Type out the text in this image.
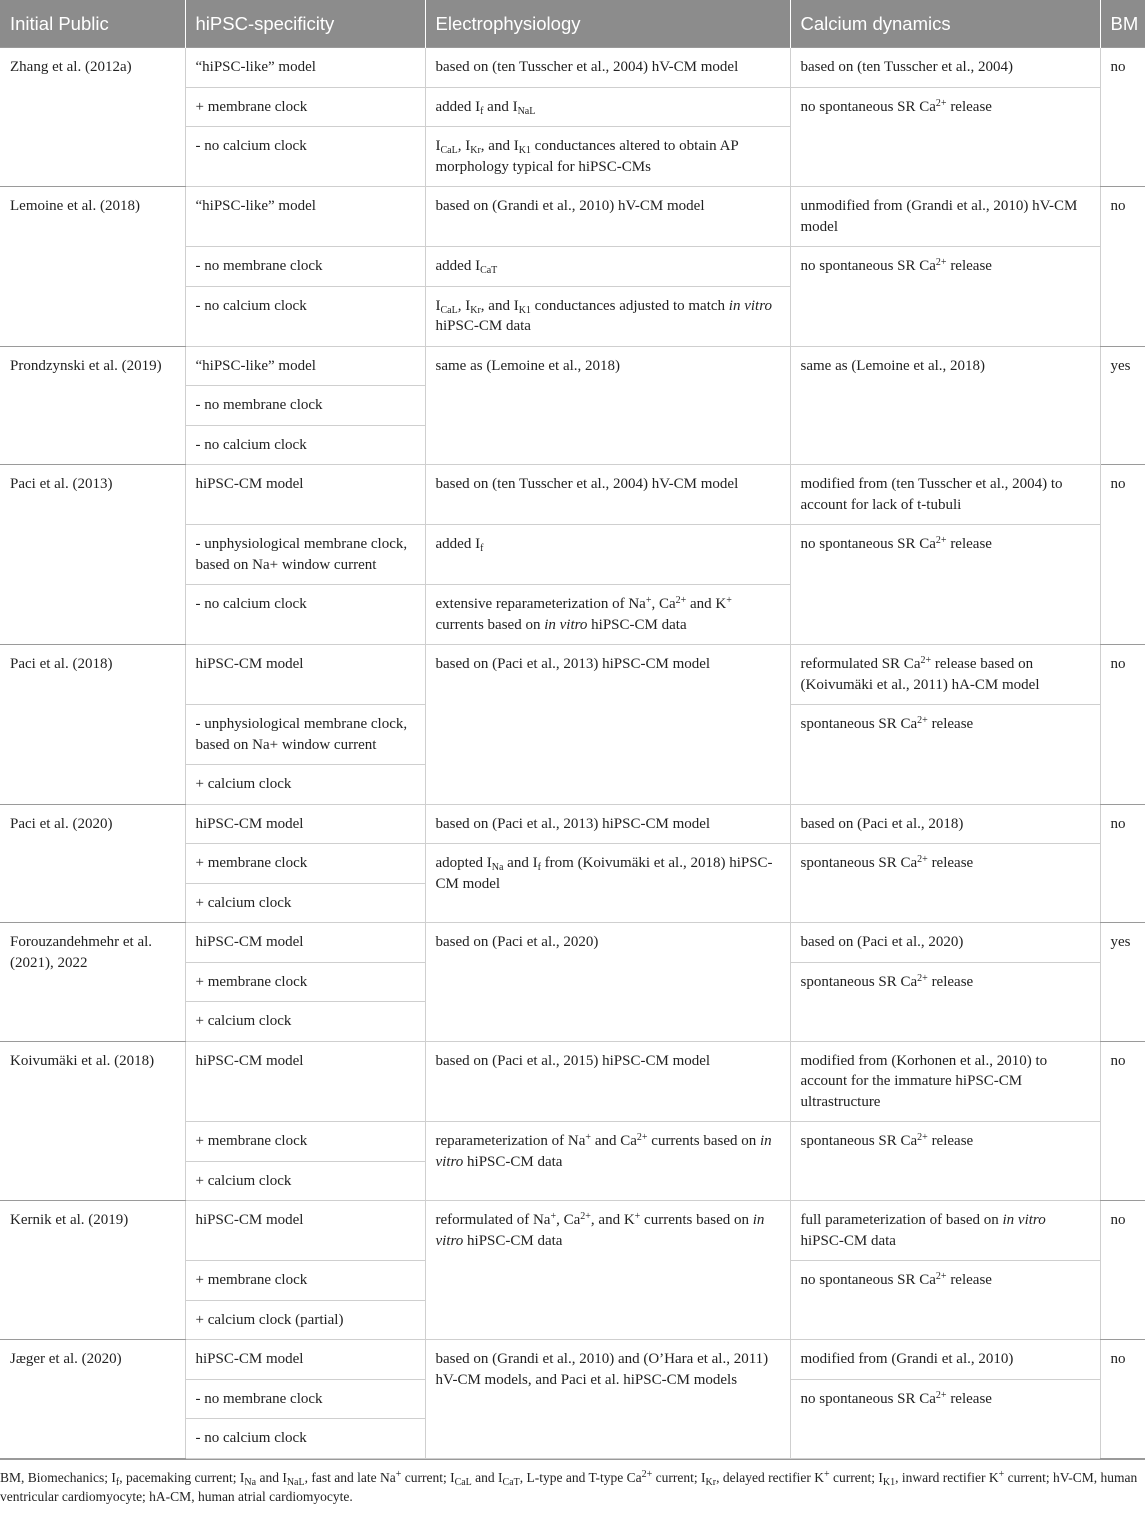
Initial Public	hiPSC-specificity	Electrophysiology	Calcium dynamics	BM
Zhang et al. (2012a)	“hiPSC-like” model	based on (ten Tusscher et al., 2004) hV-CM model	based on (ten Tusscher et al., 2004)	no
	+ membrane clock	added $I_f$ and $I_{NaL}$	no spontaneous SR $Ca^{2+}$ release	
	- no calcium clock	$I_{CaL}$, $I_{Kr}$, and $I_{K1}$ conductances altered to obtain AP morphology typical for hiPSC-CMs		
Lemoine et al. (2018)	“hiPSC-like” model	based on (Grandi et al., 2010) hV-CM model	unmodified from (Grandi et al., 2010) hV-CM model	no
	- no membrane clock	added $I_{CaT}$	no spontaneous SR $Ca^{2+}$ release	
	- no calcium clock	$I_{CaL}$, $I_{Kr}$, and $I_{K1}$ conductances adjusted to match in vitro hiPSC-CM data		
Prondzynski et al. (2019)	“hiPSC-like” model	same as (Lemoine et al., 2018)	same as (Lemoine et al., 2018)	yes
	- no membrane clock			
	- no calcium clock			
Paci et al. (2013)	hiPSC-CM model	based on (ten Tusscher et al., 2004) hV-CM model	modified from (ten Tusscher et al., 2004) to account for lack of t-tubuli	no
	- unphysiological membrane clock, based on Na+ window current	added $I_f$	no spontaneous SR $Ca^{2+}$ release	
	- no calcium clock	extensive reparameterization of Na+, $Ca^{2+}$ and K+ currents based on in vitro hiPSC-CM data		
Paci et al. (2018)	hiPSC-CM model	based on (Paci et al., 2013) hiPSC-CM model	reformulated SR $Ca^{2+}$ release based on (Koivumäki et al., 2011) hA-CM model	no
	- unphysiological membrane clock, based on Na+ window current		spontaneous SR $Ca^{2+}$ release	
	+ calcium clock			
Paci et al. (2020)	hiPSC-CM model	based on (Paci et al., 2013) hiPSC-CM model	based on (Paci et al., 2018)	no
	+ membrane clock	adopted $I_{Na}$ and $I_f$ from (Koivumäki et al., 2018) hiPSC-CM model	spontaneous SR $Ca^{2+}$ release	
	+ calcium clock			
Forouzandehmehr et al. (2021), 2022	hiPSC-CM model	based on (Paci et al., 2020)	based on (Paci et al., 2020)	yes
	+ membrane clock		spontaneous SR $Ca^{2+}$ release	
	+ calcium clock			
Koivumäki et al. (2018)	hiPSC-CM model	based on (Paci et al., 2015) hiPSC-CM model	modified from (Korhonen et al., 2010) to account for the immature hiPSC-CM ultrastructure	no
	+ membrane clock	reparameterization of Na+ and $Ca^{2+}$ currents based on in vitro hiPSC-CM data	spontaneous SR $Ca^{2+}$ release	
	+ calcium clock			
Kernik et al. (2019)	hiPSC-CM model	reformulated of Na+, $Ca^{2+}$, and K+ currents based on in vitro hiPSC-CM data	full parameterization of based on in vitro hiPSC-CM data	no
	+ membrane clock		no spontaneous SR $Ca^{2+}$ release	
	+ calcium clock (partial)			
Jæger et al. (2020)	hiPSC-CM model	based on (Grandi et al., 2010) and (O’Hara et al., 2011) hV-CM models, and Paci et al. hiPSC-CM models	modified from (Grandi et al., 2010)	no
	- no membrane clock		no spontaneous SR $Ca^{2+}$ release	
	- no calcium clock			
BM, Biomechanics; $I_f$, pacemaking current; $I_{Na}$ and $I_{NaL}$, fast and late Na+ current; $I_{CaL}$ and $I_{CaT}$, L-type and T-type $Ca^{2+}$ current; $I_{Kr}$, delayed rectifier K+ current; $I_{K1}$, inward rectifier K+ current; hV-CM, human ventricular cardiomyocyte; hA-CM, human atrial cardiomyocyte.
